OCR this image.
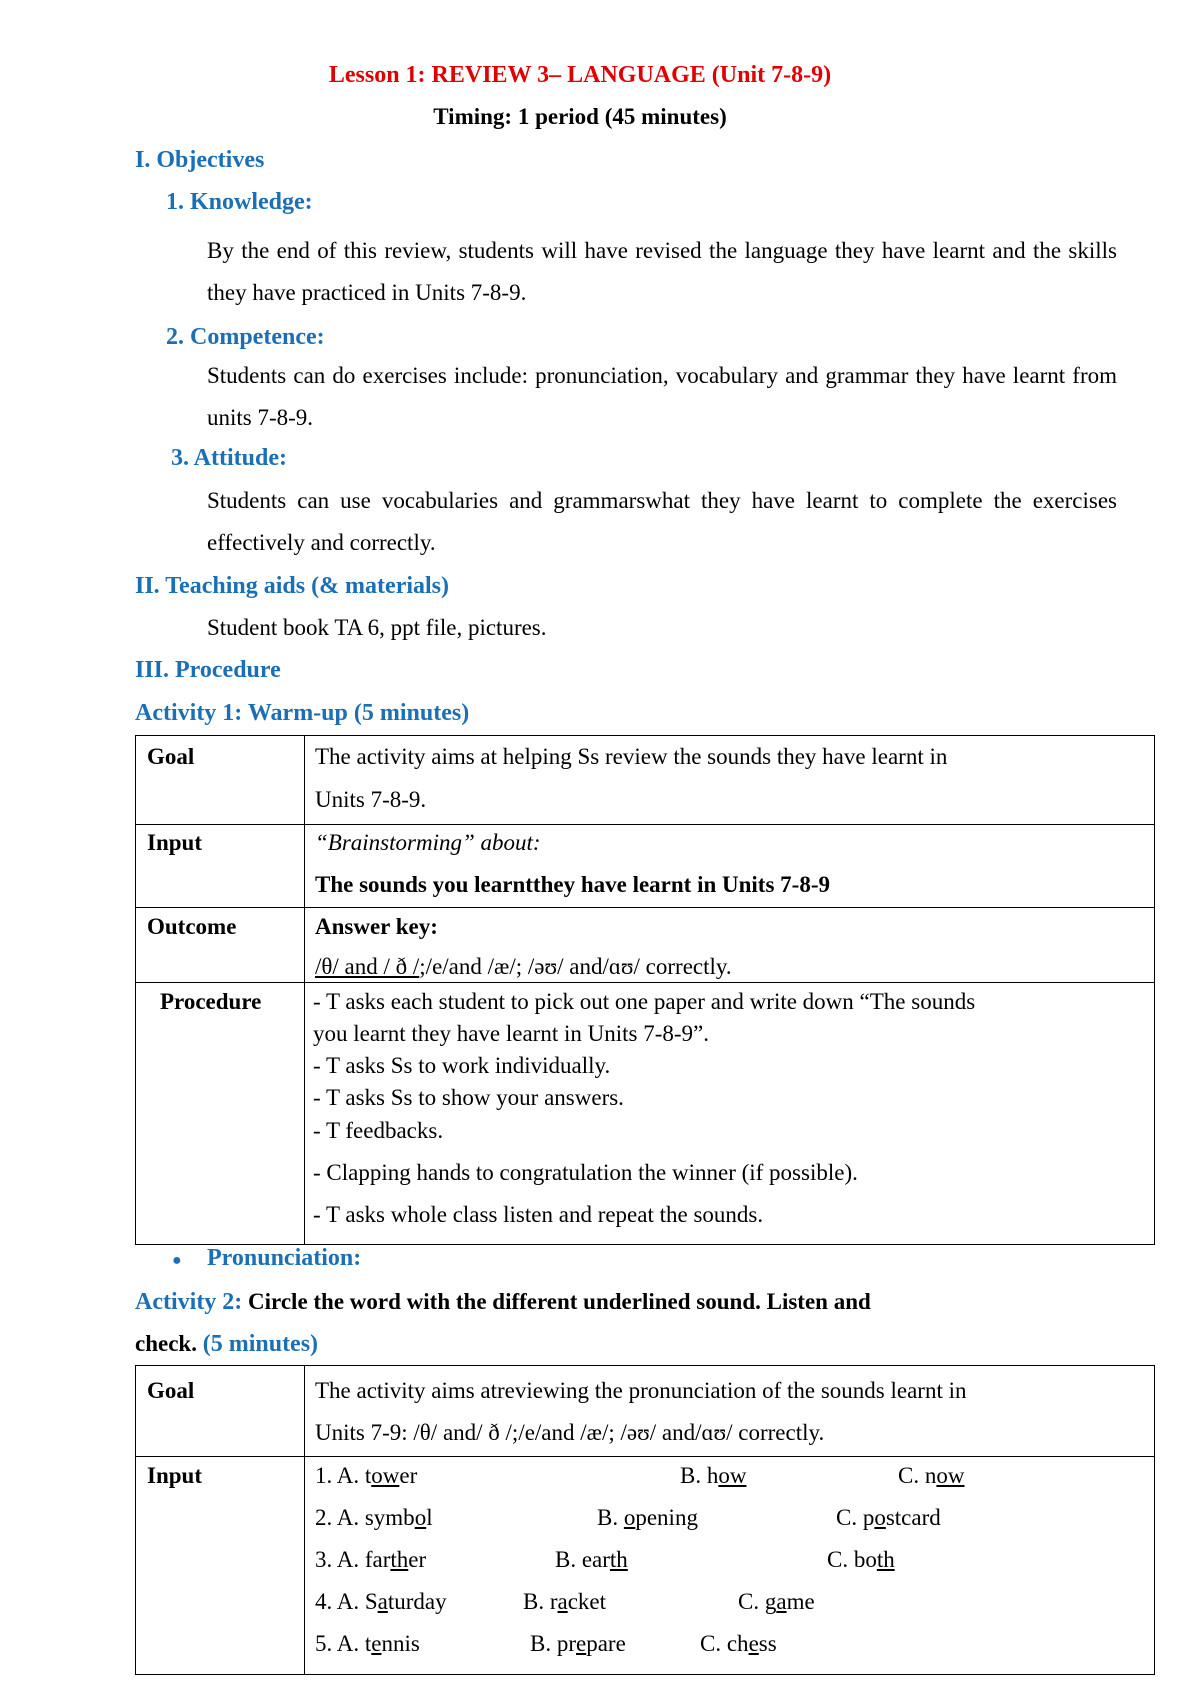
Lesson 1: REVIEW 3– LANGUAGE (Unit 7-8-9)
Timing: 1 period (45 minutes)
I. Objectives
1. Knowledge:
By the end of this review, students will have revised the language they have learnt and the skills they have practiced in Units 7-8-9.
2. Competence:
Students can do exercises include: pronunciation, vocabulary and grammar they have learnt from units 7-8-9.
3. Attitude:
Students can use vocabularies and grammarswhat they have learnt to complete the exercises effectively and correctly.
II. Teaching aids (& materials)
Student book TA 6, ppt file, pictures.
III. Procedure
Activity 1: Warm-up (5 minutes)
Goal	The activity aims at helping Ss review the sounds they have learnt in
Units 7-8-9.
Input	“Brainstorming” about:
The sounds you learntthey have learnt in Units 7-8-9
Outcome	Answer key:
/θ/ and / ð /;/e/and /æ/; /əʊ/ and/ɑʊ/ correctly.
Procedure - T asks each student to pick out one paper and write down “The sounds
you learnt they have learnt in Units 7-8-9”.
- T asks Ss to work individually.
- T asks Ss to show your answers.
- T feedbacks.
- Clapping hands to congratulation the winner (if possible).
- T asks whole class listen and repeat the sounds.
● Pronunciation:
Activity 2: Circle the word with the different underlined sound. Listen and
check. (5 minutes)
Goal	The activity aims atreviewing the pronunciation of the sounds learnt in
Units 7-9: /θ/ and/ ð /;/e/and /æ/; /əʊ/ and/ɑʊ/ correctly.
Input	1. A. tower	B. how	C. now
2. A. symbol	B. opening	C. postcard
3. A. farther	B. earth	C. both
4. A. Saturday	B. racket	C. game
5. A. tennis	B. prepare	C. chess
